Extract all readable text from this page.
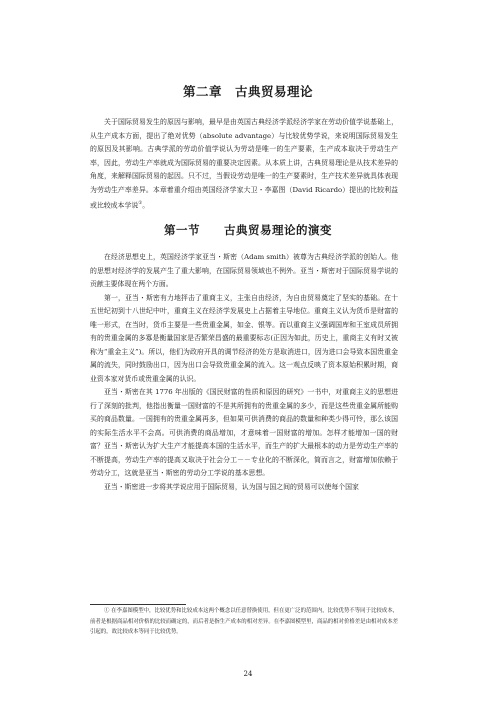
第二章　古典贸易理论

关于国际贸易发生的原因与影响，最早是由英国古典经济学派经济学家在劳动价值学说基础上，从生产成本方面，提出了绝对优势（absolute advantage）与比较优势学说，来说明国际贸易发生的原因及其影响。古典学派的劳动价值学说认为劳动是唯一的生产要素，生产成本取决于劳动生产率，因此，劳动生产率就成为国际贸易的重要决定因素。从本质上讲，古典贸易理论是从技术差异的角度，来解释国际贸易的起因。只不过，当假设劳动是唯一的生产要素时，生产技术差异就具体表现为劳动生产率差异。本章着重介绍由英国经济学家大卫・李嘉图（David Ricardo）提出的比较利益或比较成本学说①。

第一节　　古典贸易理论的演变

在经济思想史上，英国经济学家亚当・斯密（Adam smith）被尊为古典经济学派的创始人。他的思想对经济学的发展产生了重大影响，在国际贸易领域也不例外。亚当・斯密对于国际贸易学说的贡献主要体现在两个方面。

第一，亚当・斯密有力地抨击了重商主义，主张自由经济，为自由贸易奠定了坚实的基础。在十五世纪初到十八世纪中叶，重商主义在经济学发展史上占据着主导地位。重商主义认为货币是财富的唯一形式，在当时，货币主要是一些贵重金属，如金、银等。而以重商主义强调国库和王室成员所拥有的贵重金属的多寡是衡量国家是否繁荣昌盛的最重要标志(正因为如此，历史上，重商主义有时又被称为“重金主义”)。所以，他们为政府开具的调节经济的处方是取消进口，因为进口会导致本国贵重金属的流失，同时鼓励出口，因为出口会导致贵重金属的流入。这一观点反映了资本原始积累时期，商业资本家对货币或贵重金属的认识。

亚当・斯密在其 1776 年出版的《国民财富的性质和原因的研究》一书中，对重商主义的思想进行了深刻的批判，他指出衡量一国财富的不是其所拥有的贵重金属的多少，而是这些贵重金属所能购买的商品数量。一国拥有的贵重金属再多，但如果可供消费的商品的数量和种类少得可怜，那么该国的实际生活水平不会高。可供消费的商品增加，才意味着一国财富的增加。怎样才能增加一国的财富？亚当・斯密认为扩大生产才能提高本国的生活水平，而生产的扩大最根本的动力是劳动生产率的不断提高，劳动生产率的提高又取决于社会分工－－专业化的不断深化，简而言之，财富增加依赖于劳动分工，这就是亚当・斯密的劳动分工学说的基本思想。

亚当・斯密进一步将其学说应用于国际贸易，认为国与国之间的贸易可以使每个国家

① 在李嘉图模型中，比较优势和比较成本这两个概念以任意替换使用，但在更广泛的范围内，比较优势不等同于比较成本，前者是根据商品相对价格的比较而确定的，而后者是指生产成本的相对差异。在李嘉图模型里，商品的相对价格差是由相对成本差引起的，故比较成本等同于比较优势。

24
